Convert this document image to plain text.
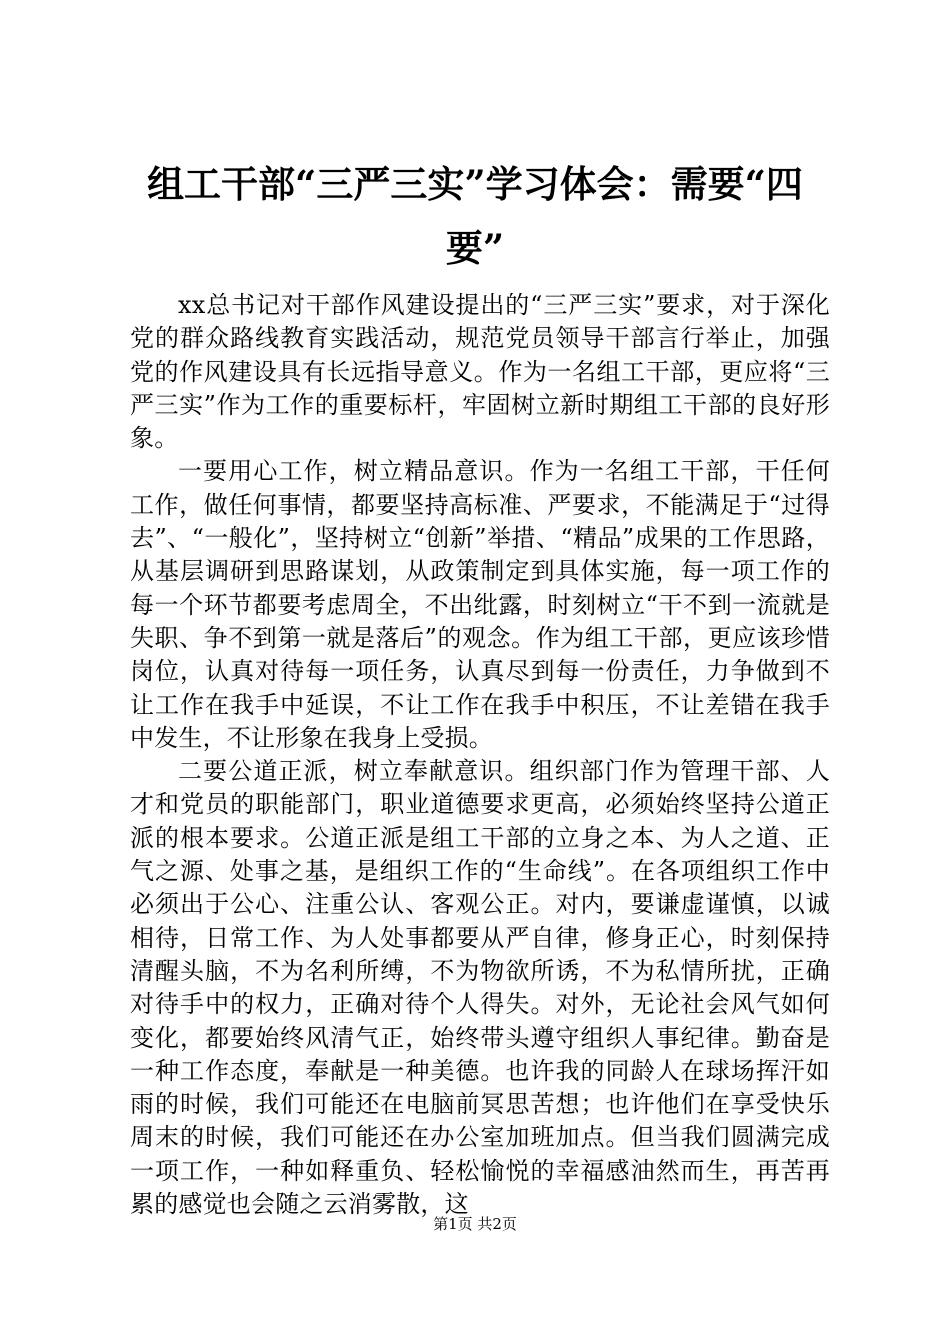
组工干部“三严三实”学习体会：需要“四要”

xx总书记对干部作风建设提出的“三严三实”要求，对于深化党的群众路线教育实践活动，规范党员领导干部言行举止，加强党的作风建设具有长远指导意义。作为一名组工干部，更应将“三严三实”作为工作的重要标杆，牢固树立新时期组工干部的良好形象。

一要用心工作，树立精品意识。作为一名组工干部，干任何工作，做任何事情，都要坚持高标准、严要求，不能满足于“过得去”、“一般化”，坚持树立“创新”举措、“精品”成果的工作思路，从基层调研到思路谋划，从政策制定到具体实施，每一项工作的每一个环节都要考虑周全，不出纰露，时刻树立“干不到一流就是失职、争不到第一就是落后”的观念。作为组工干部，更应该珍惜岗位，认真对待每一项任务，认真尽到每一份责任，力争做到不让工作在我手中延误，不让工作在我手中积压，不让差错在我手中发生，不让形象在我身上受损。

二要公道正派，树立奉献意识。组织部门作为管理干部、人才和党员的职能部门，职业道德要求更高，必须始终坚持公道正派的根本要求。公道正派是组工干部的立身之本、为人之道、正气之源、处事之基，是组织工作的“生命线”。在各项组织工作中必须出于公心、注重公认、客观公正。对内，要谦虚谨慎，以诚相待，日常工作、为人处事都要从严自律，修身正心，时刻保持清醒头脑，不为名利所缚，不为物欲所诱，不为私情所扰，正确对待手中的权力，正确对待个人得失。对外，无论社会风气如何变化，都要始终风清气正，始终带头遵守组织人事纪律。勤奋是一种工作态度，奉献是一种美德。也许我的同龄人在球场挥汗如雨的时候，我们可能还在电脑前冥思苦想；也许他们在享受快乐周末的时候，我们可能还在办公室加班加点。但当我们圆满完成一项工作，一种如释重负、轻松愉悦的幸福感油然而生，再苦再累的感觉也会随之云消雾散，这

第1页 共2页
